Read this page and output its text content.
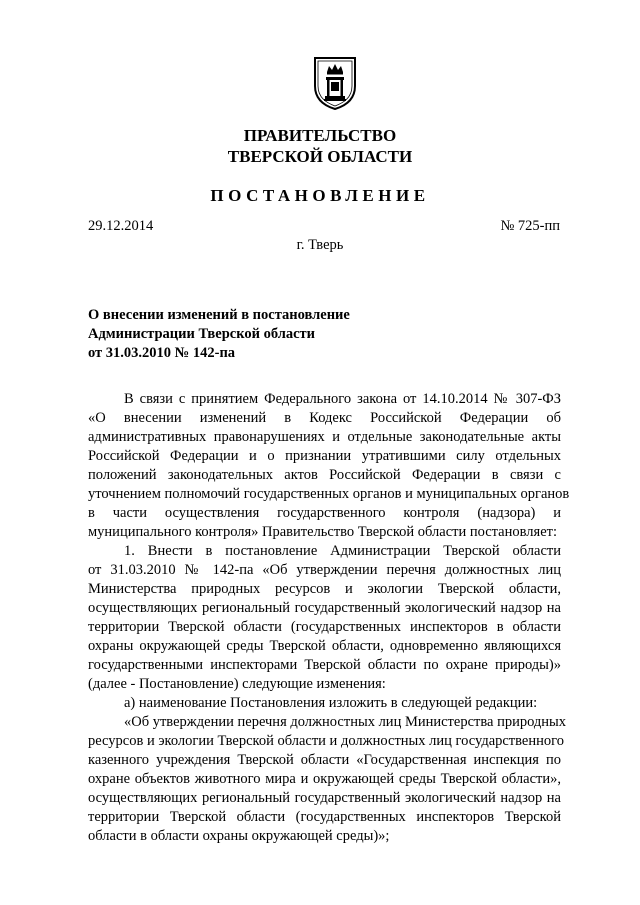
ПРАВИТЕЛЬСТВО
ТВЕРСКОЙ ОБЛАСТИ
ПОСТАНОВЛЕНИЕ
29.12.2014	№ 725-пп
г. Тверь
О внесении изменений в постановление
Администрации Тверской области
от 31.03.2010 № 142-па
В связи с принятием Федерального закона от 14.10.2014 № 307-ФЗ
«О внесении изменений в Кодекс Российской Федерации об
административных правонарушениях и отдельные законодательные акты
Российской Федерации и о признании утратившими силу отдельных
положений законодательных актов Российской Федерации в связи с
уточнением полномочий государственных органов и муниципальных органов
в части осуществления государственного контроля (надзора) и
муниципального контроля» Правительство Тверской области постановляет:
1. Внести в постановление Администрации Тверской области
от 31.03.2010 № 142-па «Об утверждении перечня должностных лиц
Министерства природных ресурсов и экологии Тверской области,
осуществляющих региональный государственный экологический надзор на
территории Тверской области (государственных инспекторов в области
охраны окружающей среды Тверской области, одновременно являющихся
государственными инспекторами Тверской области по охране природы)»
(далее - Постановление) следующие изменения:
а) наименование Постановления изложить в следующей редакции:
«Об утверждении перечня должностных лиц Министерства природных
ресурсов и экологии Тверской области и должностных лиц государственного
казенного учреждения Тверской области «Государственная инспекция по
охране объектов животного мира и окружающей среды Тверской области»,
осуществляющих региональный государственный экологический надзор на
территории Тверской области (государственных инспекторов Тверской
области в области охраны окружающей среды)»;
